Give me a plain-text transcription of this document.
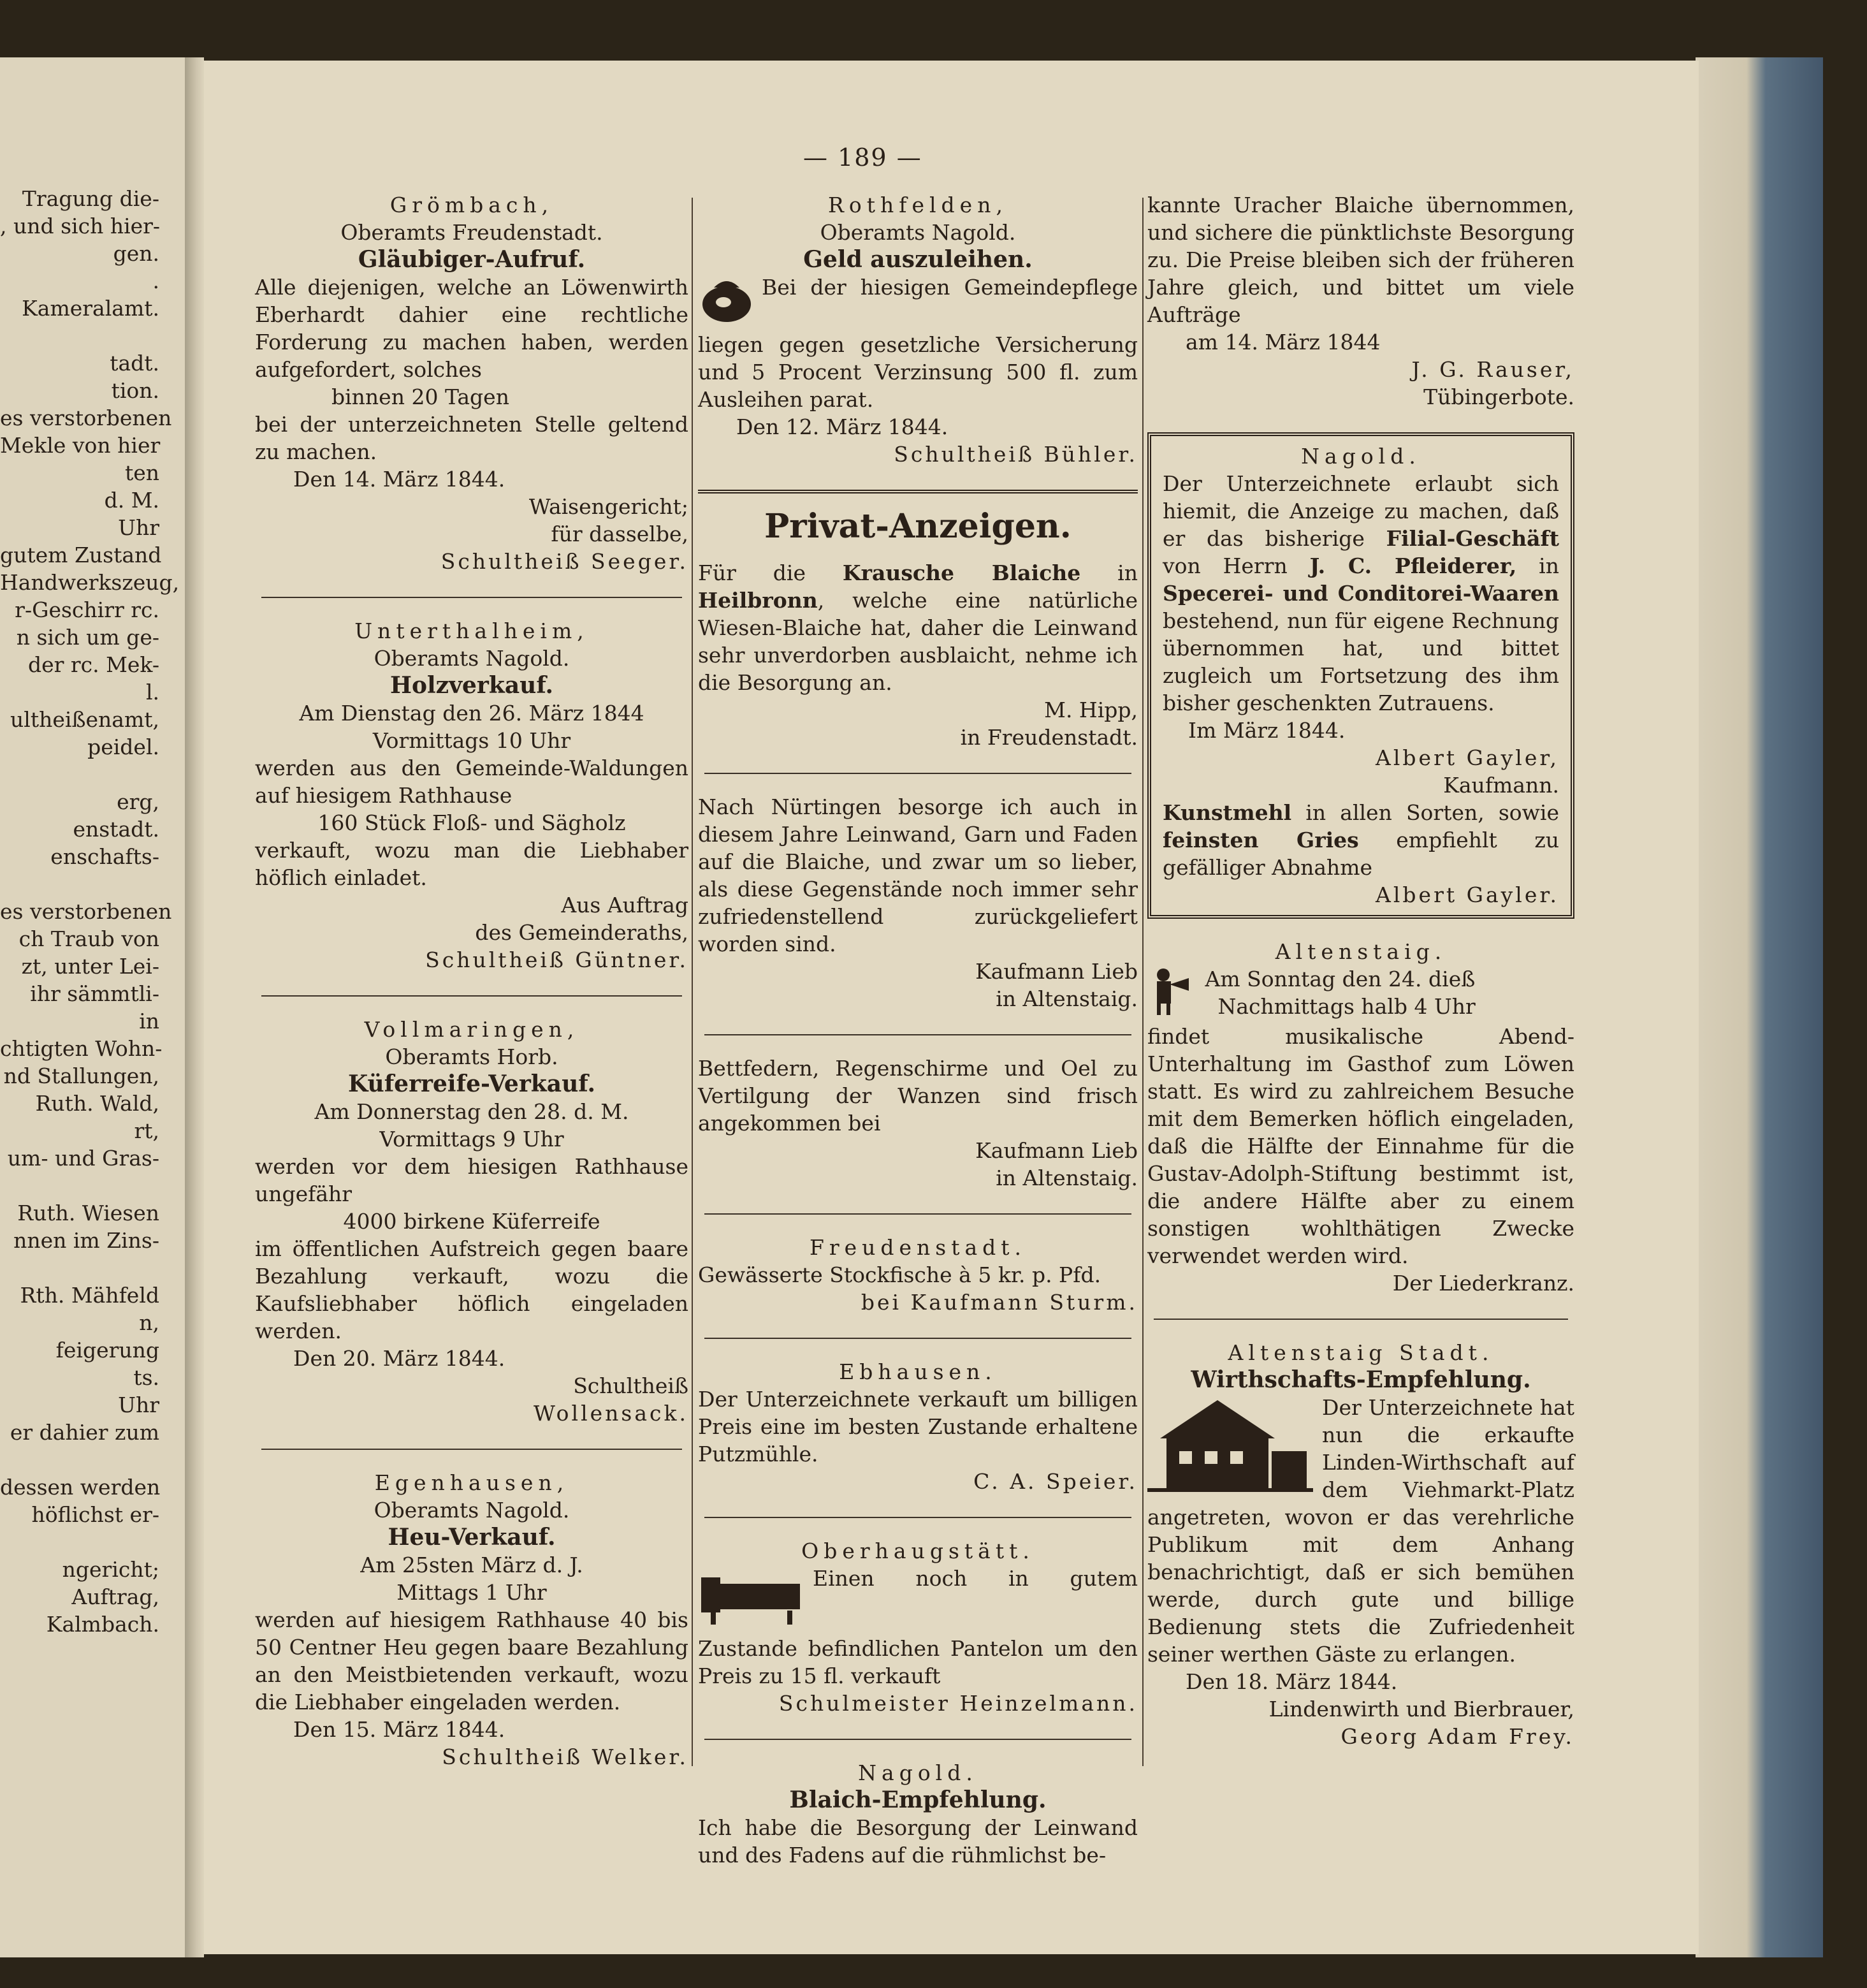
Tragung die-
, und sich hier-
gen.
.
Kameralamt.

tadt.
tion.
es verstorbenen
Mekle von hier
ten
d. M.
Uhr
gutem Zustand
Handwerkszeug,
r-Geschirr rc.
n sich um ge-
der rc. Mek-
l.
ultheißenamt,
peidel.

erg,
enstadt.
enschafts-

es verstorbenen
ch Traub von
zt, unter Lei-
ihr sämmtli-
in
chtigten Wohn-
nd Stallungen,
Ruth. Wald,
rt,
um- und Gras-

Ruth. Wiesen
nnen im Zins-

Rth. Mähfeld
n,
feigerung
ts.
Uhr
er dahier zum

dessen werden
höflichst er-

ngericht;
Auftrag,
Kalmbach.
— 189 —
Grömbach,
Oberamts Freudenstadt.
Gläubiger-Aufruf.
Alle diejenigen, welche an Löwenwirth Eberhardt dahier eine rechtliche Forderung zu machen haben, werden aufgefordert, solches
binnen 20 Tagen
bei der unterzeichneten Stelle geltend zu machen.
Den 14. März 1844.
Waisengericht;
für dasselbe,
Schultheiß Seeger.
Unterthalheim,
Oberamts Nagold.
Holzverkauf.
Am Dienstag den 26. März 1844
Vormittags 10 Uhr
werden aus den Gemeinde-Waldungen auf hiesigem Rathhause
160 Stück Floß- und Sägholz
verkauft, wozu man die Liebhaber höflich einladet.
Aus Auftrag
des Gemeinderaths,
Schultheiß Güntner.
Vollmaringen,
Oberamts Horb.
Küferreife-Verkauf.
Am Donnerstag den 28. d. M.
Vormittags 9 Uhr
werden vor dem hiesigen Rathhause ungefähr
4000 birkene Küferreife
im öffentlichen Aufstreich gegen baare Bezahlung verkauft, wozu die Kaufsliebhaber höflich eingeladen werden.
Den 20. März 1844.
Schultheiß
Wollensack.
Egenhausen,
Oberamts Nagold.
Heu-Verkauf.
Am 25sten März d. J.
Mittags 1 Uhr
werden auf hiesigem Rathhause 40 bis 50 Centner Heu gegen baare Bezahlung an den Meistbietenden verkauft, wozu die Liebhaber eingeladen werden.
Den 15. März 1844.
Schultheiß Welker.
Rothfelden,
Oberamts Nagold.
Geld auszuleihen.
Bei der hiesigen Gemeindepflege liegen gegen gesetzliche Versicherung und 5 Procent Verzinsung 500 fl. zum Ausleihen parat.
Den 12. März 1844.
Schultheiß Bühler.
Privat-Anzeigen.
Für die Krausche Blaiche in Heilbronn, welche eine natürliche Wiesen-Blaiche hat, daher die Leinwand sehr unverdorben ausblaicht, nehme ich die Besorgung an.
M. Hipp,
in Freudenstadt.
Nach Nürtingen besorge ich auch in diesem Jahre Leinwand, Garn und Faden auf die Blaiche, und zwar um so lieber, als diese Gegenstände noch immer sehr zufriedenstellend zurückgeliefert worden sind.
Kaufmann Lieb
in Altenstaig.
Bettfedern, Regenschirme und Oel zu Vertilgung der Wanzen sind frisch angekommen bei
Kaufmann Lieb
in Altenstaig.
Freudenstadt.
Gewässerte Stockfische à 5 kr. p. Pfd.
bei Kaufmann Sturm.
Ebhausen.
Der Unterzeichnete verkauft um billigen Preis eine im besten Zustande erhaltene Putzmühle.
C. A. Speier.
Oberhaugstätt.
Einen noch in gutem Zustande befindlichen Pantelon um den Preis zu 15 fl. verkauft
Schulmeister Heinzelmann.
Nagold.
Blaich-Empfehlung.
Ich habe die Besorgung der Leinwand und des Fadens auf die rühmlichst be-
kannte Uracher Blaiche übernommen, und sichere die pünktlichste Besorgung zu. Die Preise bleiben sich der früheren Jahre gleich, und bittet um viele Aufträge
am 14. März 1844
J. G. Rauser,
Tübingerbote.
Nagold.
Der Unterzeichnete erlaubt sich hiemit, die Anzeige zu machen, daß er das bisherige Filial-Geschäft von Herrn J. C. Pfleiderer, in Specerei- und Conditorei-Waaren bestehend, nun für eigene Rechnung übernommen hat, und bittet zugleich um Fortsetzung des ihm bisher geschenkten Zutrauens.
Im März 1844.
Albert Gayler,
Kaufmann.
Kunstmehl in allen Sorten, sowie feinsten Gries empfiehlt zu gefälliger Abnahme
Albert Gayler.
Altenstaig.

Am Sonntag den 24. dieß
Nachmittags halb 4 Uhr
findet musikalische Abend-Unterhaltung im Gasthof zum Löwen statt. Es wird zu zahlreichem Besuche mit dem Bemerken höflich eingeladen, daß die Hälfte der Einnahme für die Gustav-Adolph-Stiftung bestimmt ist, die andere Hälfte aber zu einem sonstigen wohlthätigen Zwecke verwendet werden wird.
Der Liederkranz.
Altenstaig Stadt.
Wirthschafts-Empfehlung.
Der Unterzeichnete hat nun die erkaufte Linden-Wirthschaft auf dem Viehmarkt-Platz angetreten, wovon er das verehrliche Publikum mit dem Anhang benachrichtigt, daß er sich bemühen werde, durch gute und billige Bedienung stets die Zufriedenheit seiner werthen Gäste zu erlangen.
Den 18. März 1844.
Lindenwirth und Bierbrauer,
Georg Adam Frey.
